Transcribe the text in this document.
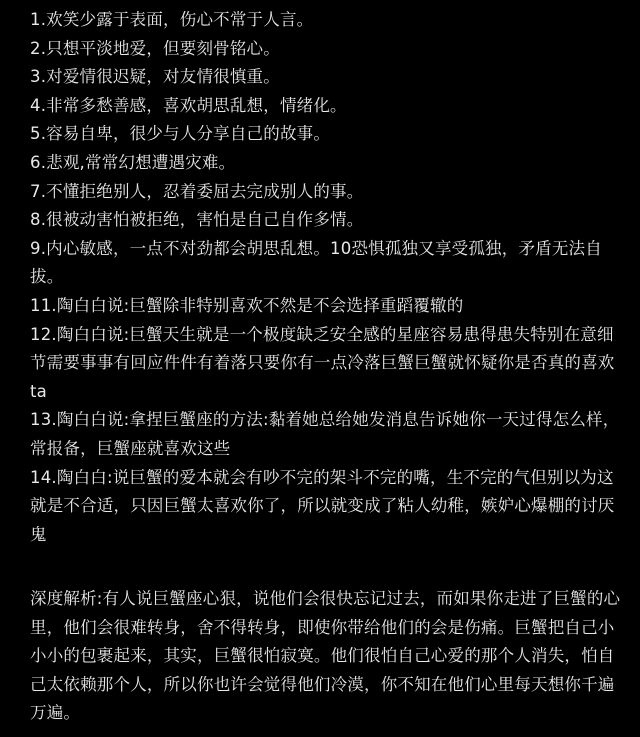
1.欢笑少露于表面，伤心不常于人言。
2.只想平淡地爱，但要刻骨铭心。
3.对爱情很迟疑，对友情很慎重。
4.非常多愁善感，喜欢胡思乱想，情绪化。
5.容易自卑，很少与人分享自己的故事。
6.悲观,常常幻想遭遇灾难。
7.不懂拒绝别人，忍着委屈去完成别人的事。
8.很被动害怕被拒绝，害怕是自己自作多情。
9.内心敏感，一点不对劲都会胡思乱想。10恐惧孤独又享受孤独，矛盾无法自拔。
11.陶白白说:巨蟹除非特别喜欢不然是不会选择重蹈覆辙的
12.陶白白说:巨蟹天生就是一个极度缺乏安全感的星座容易患得患失特别在意细节需要事事有回应件件有着落只要你有一点冷落巨蟹巨蟹就怀疑你是否真的喜欢ta
13.陶白白说:拿捏巨蟹座的方法:黏着她总给她发消息告诉她你一天过得怎么样，常报备，巨蟹座就喜欢这些
14.陶白白:说巨蟹的爱本就会有吵不完的架斗不完的嘴，生不完的气但别以为这就是不合适，只因巨蟹太喜欢你了，所以就变成了粘人幼稚，嫉妒心爆棚的讨厌鬼

深度解析:有人说巨蟹座心狠，说他们会很快忘记过去，而如果你走进了巨蟹的心里，他们会很难转身，舍不得转身，即使你带给他们的会是伤痛。巨蟹把自己小小小的包裹起来，其实，巨蟹很怕寂寞。他们很怕自己心爱的那个人消失，怕自己太依赖那个人，所以你也许会觉得他们冷漠，你不知在他们心里每天想你千遍万遍。
